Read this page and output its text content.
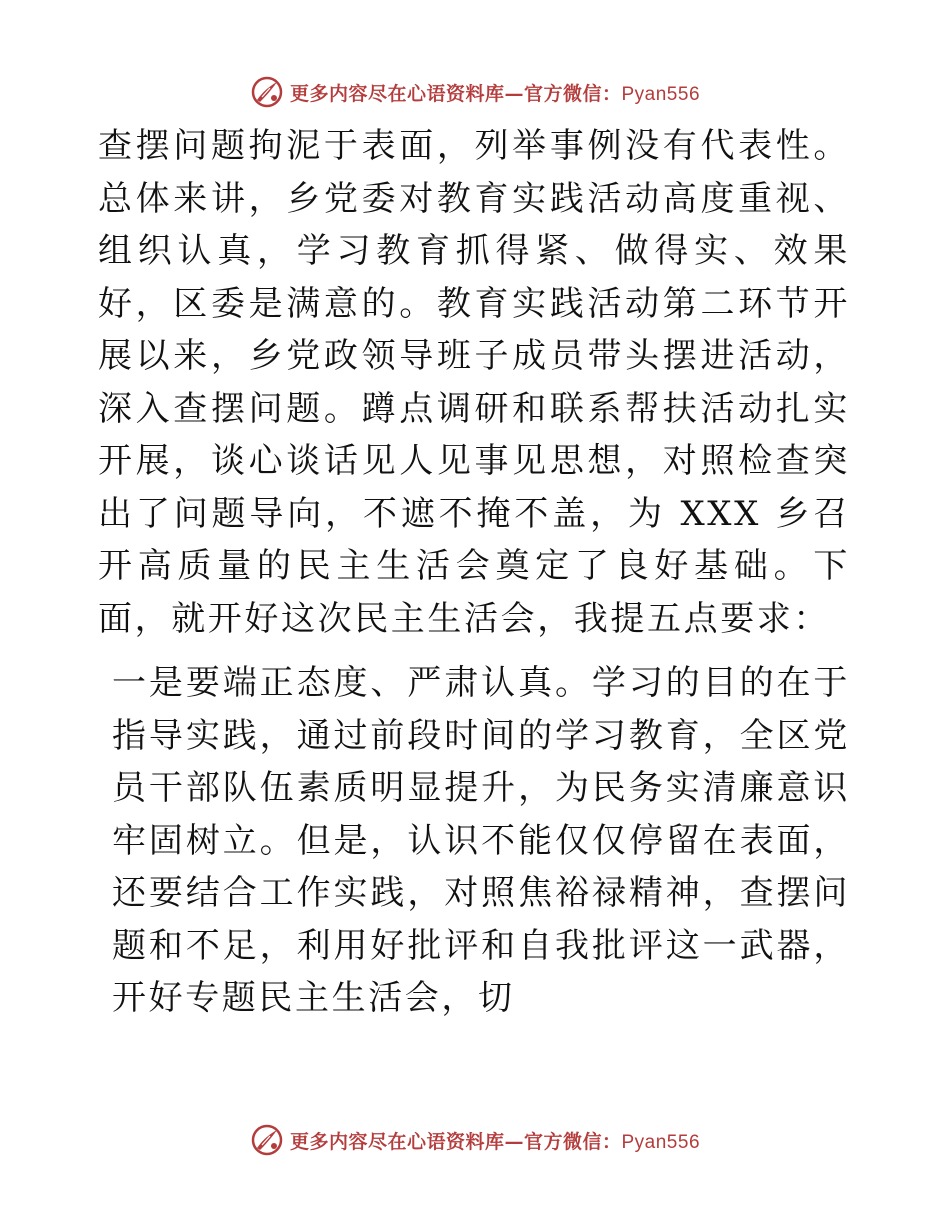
更多内容尽在心语资料库—官方微信：Pyan556

查摆问题拘泥于表面，列举事例没有代表性。总体来讲，乡党委对教育实践活动高度重视、组织认真，学习教育抓得紧、做得实、效果好，区委是满意的。教育实践活动第二环节开展以来，乡党政领导班子成员带头摆进活动，深入查摆问题。蹲点调研和联系帮扶活动扎实开展，谈心谈话见人见事见思想，对照检查突出了问题导向，不遮不掩不盖，为 XXX 乡召开高质量的民主生活会奠定了良好基础。下面，就开好这次民主生活会，我提五点要求：

一是要端正态度、严肃认真。学习的目的在于指导实践，通过前段时间的学习教育，全区党员干部队伍素质明显提升，为民务实清廉意识牢固树立。但是，认识不能仅仅停留在表面，还要结合工作实践，对照焦裕禄精神，查摆问题和不足，利用好批评和自我批评这一武器，开好专题民主生活会，切

更多内容尽在心语资料库—官方微信：Pyan556
